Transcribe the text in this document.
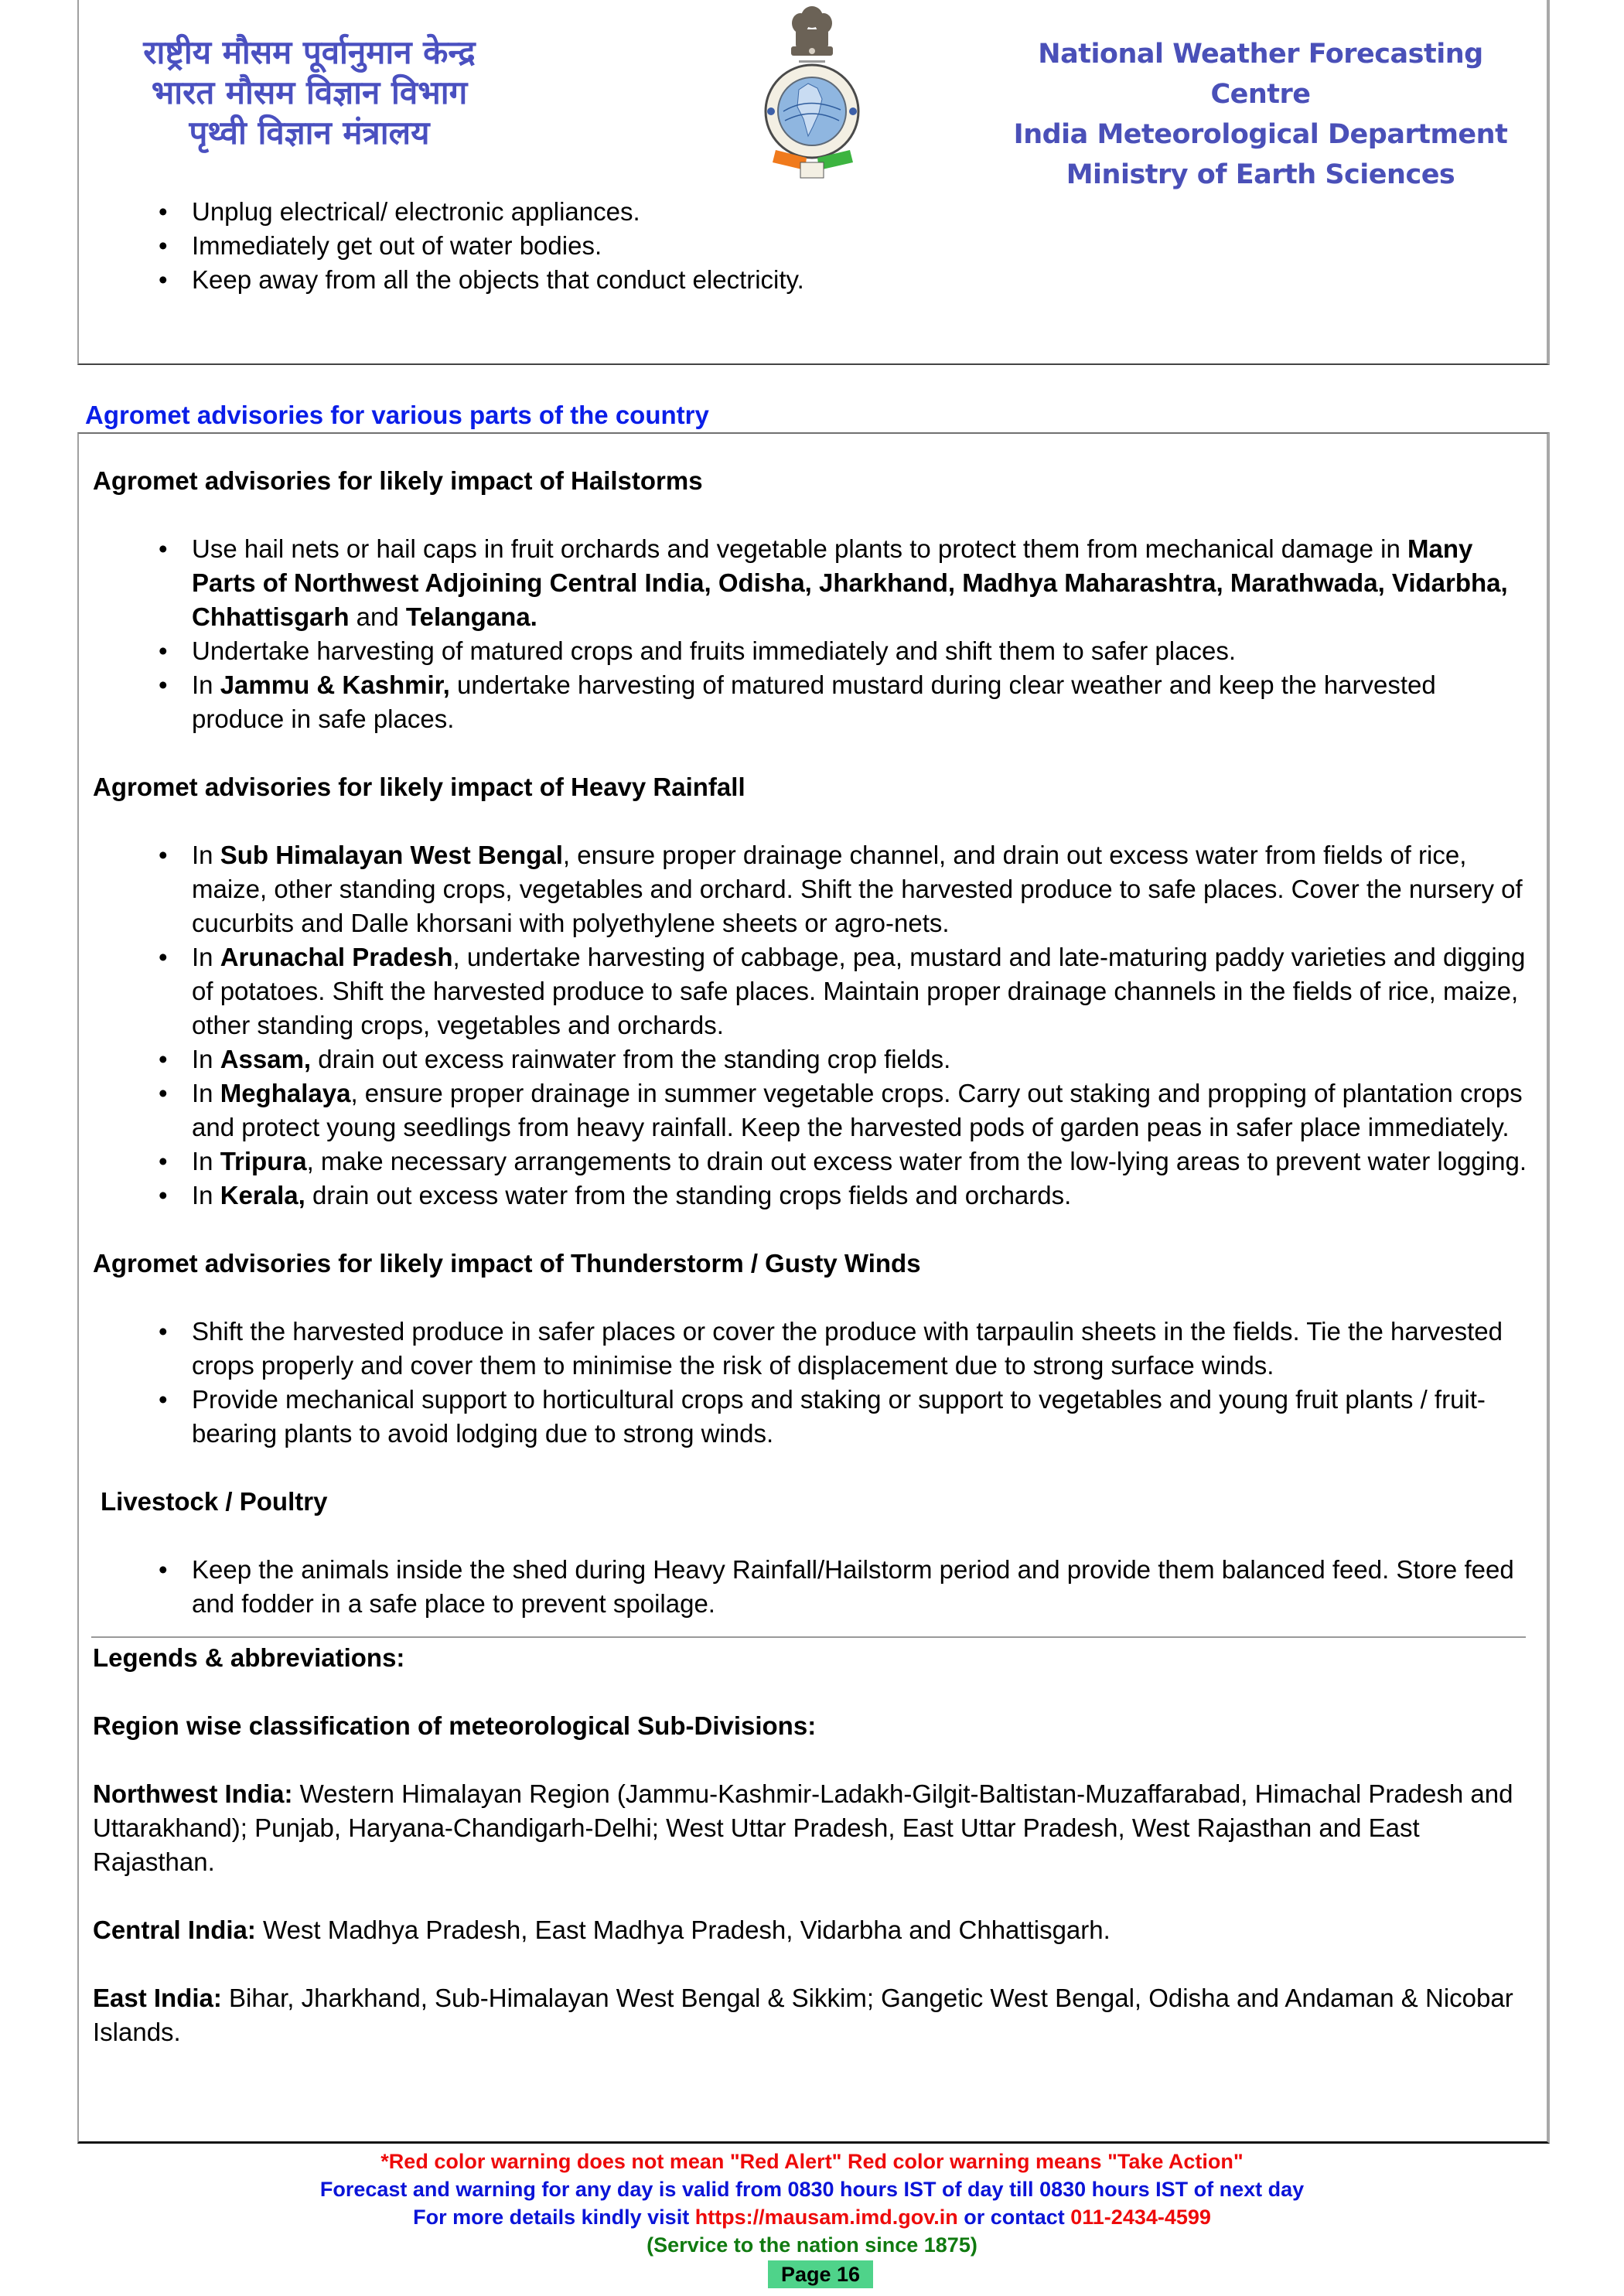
राष्ट्रीय मौसम पूर्वानुमान केन्द्र
भारत मौसम विज्ञान विभाग
पृथ्वी विज्ञान मंत्रालय
National Weather Forecasting Centre
India Meteorological Department
Ministry of Earth Sciences
• Unplug electrical/ electronic appliances.
• Immediately get out of water bodies.
• Keep away from all the objects that conduct electricity.
Agromet advisories for various parts of the country
Agromet advisories for likely impact of Hailstorms
• Use hail nets or hail caps in fruit orchards and vegetable plants to protect them from mechanical damage in Many Parts of Northwest Adjoining Central India, Odisha, Jharkhand, Madhya Maharashtra, Marathwada, Vidarbha, Chhattisgarh and Telangana.
• Undertake harvesting of matured crops and fruits immediately and shift them to safer places.
• In Jammu & Kashmir, undertake harvesting of matured mustard during clear weather and keep the harvested produce in safe places.
Agromet advisories for likely impact of Heavy Rainfall
• In Sub Himalayan West Bengal, ensure proper drainage channel, and drain out excess water from fields of rice, maize, other standing crops, vegetables and orchard. Shift the harvested produce to safe places. Cover the nursery of cucurbits and Dalle khorsani with polyethylene sheets or agro-nets.
• In Arunachal Pradesh, undertake harvesting of cabbage, pea, mustard and late-maturing paddy varieties and digging of potatoes. Shift the harvested produce to safe places. Maintain proper drainage channels in the fields of rice, maize, other standing crops, vegetables and orchards.
• In Assam, drain out excess rainwater from the standing crop fields.
• In Meghalaya, ensure proper drainage in summer vegetable crops. Carry out staking and propping of plantation crops and protect young seedlings from heavy rainfall. Keep the harvested pods of garden peas in safer place immediately.
• In Tripura, make necessary arrangements to drain out excess water from the low-lying areas to prevent water logging.
• In Kerala, drain out excess water from the standing crops fields and orchards.
Agromet advisories for likely impact of Thunderstorm / Gusty Winds
• Shift the harvested produce in safer places or cover the produce with tarpaulin sheets in the fields. Tie the harvested crops properly and cover them to minimise the risk of displacement due to strong surface winds.
• Provide mechanical support to horticultural crops and staking or support to vegetables and young fruit plants / fruit-bearing plants to avoid lodging due to strong winds.
Livestock / Poultry
• Keep the animals inside the shed during Heavy Rainfall/Hailstorm period and provide them balanced feed. Store feed and fodder in a safe place to prevent spoilage.
Legends & abbreviations:
Region wise classification of meteorological Sub-Divisions:

Northwest India: Western Himalayan Region (Jammu-Kashmir-Ladakh-Gilgit-Baltistan-Muzaffarabad, Himachal Pradesh and Uttarakhand); Punjab, Haryana-Chandigarh-Delhi; West Uttar Pradesh, East Uttar Pradesh, West Rajasthan and East Rajasthan.

Central India: West Madhya Pradesh, East Madhya Pradesh, Vidarbha and Chhattisgarh.

East India: Bihar, Jharkhand, Sub-Himalayan West Bengal & Sikkim; Gangetic West Bengal, Odisha and Andaman & Nicobar Islands.

*Red color warning does not mean "Red Alert" Red color warning means "Take Action"
Forecast and warning for any day is valid from 0830 hours IST of day till 0830 hours IST of next day
For more details kindly visit https://mausam.imd.gov.in or contact 011-2434-4599
(Service to the nation since 1875)
Page 16
